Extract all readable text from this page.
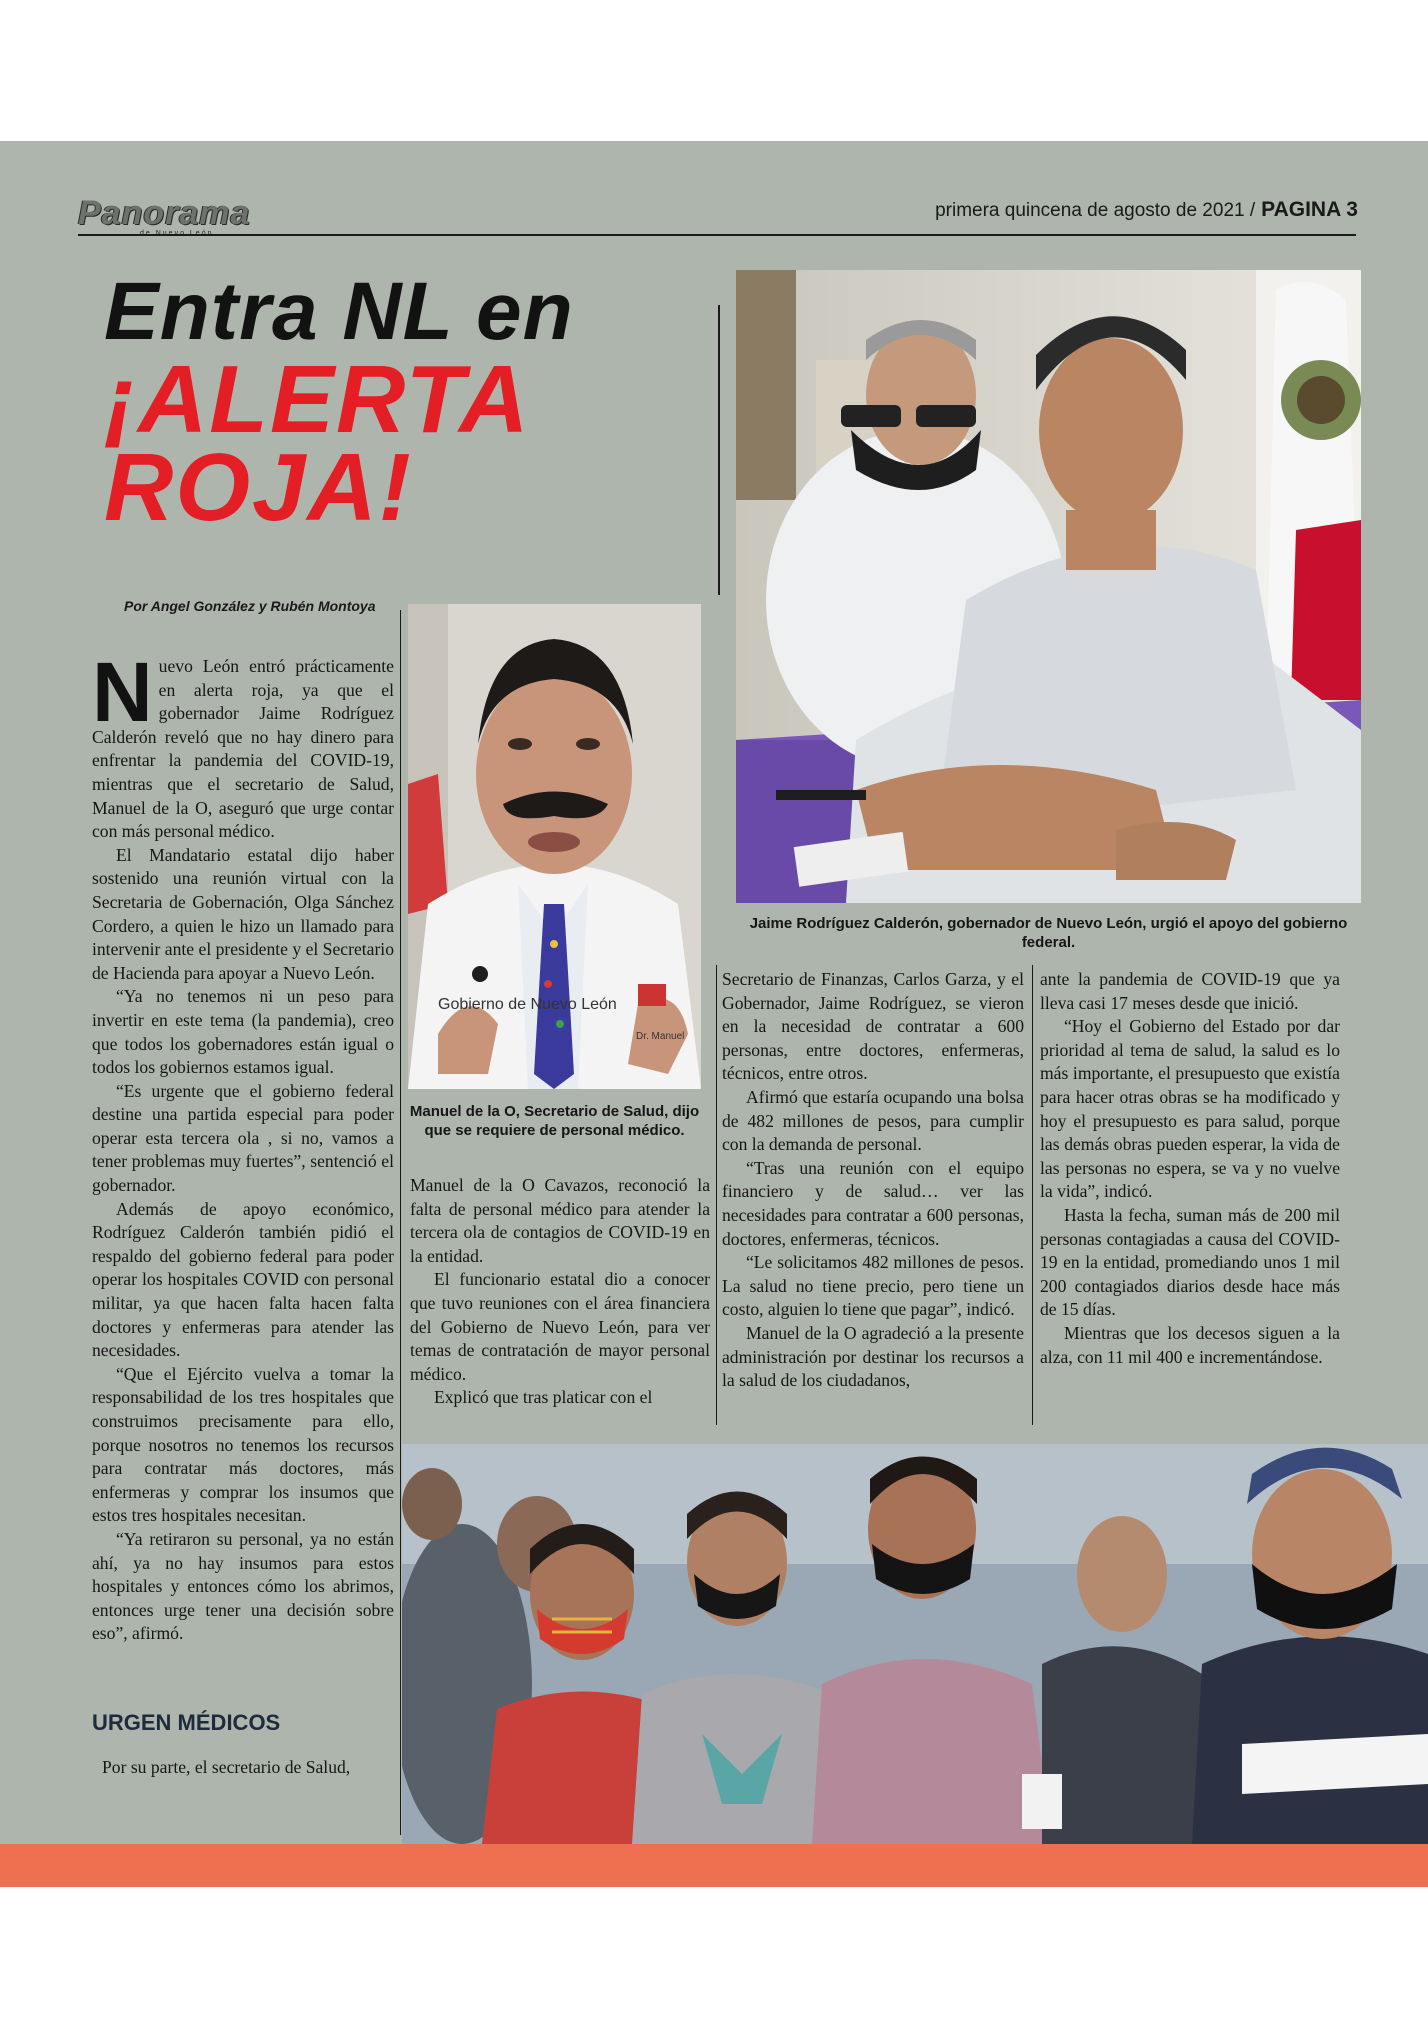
Panorama	primera quincena de agosto de 2021 / PAGINA 3
Entra NL en
¡ALERTA
ROJA!
Por Angel González y Rubén Montoya

Jaime Rodríguez Calderón, gobernador de Nuevo León, urgió el apoyo del gobierno federal.

Gobierno de Nuevo León
Dr. Manuel

Manuel de la O, Secretario de Salud, dijo que se requiere de personal médico.

Nuevo León entró prácticamente en alerta roja, ya que el gobernador Jaime Rodríguez Calderón reveló que no hay dinero para enfrentar la pandemia del COVID-19, mientras que el secretario de Salud, Manuel de la O, aseguró que urge contar con más personal médico.

El Mandatario estatal dijo haber sostenido una reunión virtual con la Secretaria de Gobernación, Olga Sánchez Cordero, a quien le hizo un llamado para intervenir ante el presidente y el Secretario de Hacienda para apoyar a Nuevo León.

“Ya no tenemos ni un peso para invertir en este tema (la pandemia), creo que todos los gobernadores están igual o todos los gobiernos estamos igual.

“Es urgente que el gobierno federal destine una partida especial para poder operar esta tercera ola , si no, vamos a tener problemas muy fuertes”, sentenció el gobernador.

Además de apoyo económico, Rodríguez Calderón también pidió el respaldo del gobierno federal para poder operar los hospitales COVID con personal militar, ya que hacen falta hacen falta doctores y enfermeras para atender las necesidades.

“Que el Ejército vuelva a tomar la responsabilidad de los tres hospitales que construimos precisamente para ello, porque nosotros no tenemos los recursos para contratar más doctores, más enfermeras y comprar los insumos que estos tres hospitales necesitan.

“Ya retiraron su personal, ya no están ahí, ya no hay insumos para estos hospitales y entonces cómo los abrimos, entonces urge tener una decisión sobre eso”, afirmó.

URGEN MÉDICOS

Por su parte, el secretario de Salud,

Manuel de la O Cavazos, reconoció la falta de personal médico para atender la tercera ola de contagios de COVID-19 en la entidad.

El funcionario estatal dio a conocer que tuvo reuniones con el área financiera del Gobierno de Nuevo León, para ver temas de contratación de mayor personal médico.

Explicó que tras platicar con el

Secretario de Finanzas, Carlos Garza, y el Gobernador, Jaime Rodríguez, se vieron en la necesidad de contratar a 600 personas, entre doctores, enfermeras, técnicos, entre otros.

Afirmó que estaría ocupando una bolsa de 482 millones de pesos, para cumplir con la demanda de personal.

“Tras una reunión con el equipo financiero y de salud… ver las necesidades para contratar a 600 personas, doctores, enfermeras, técnicos.

“Le solicitamos 482 millones de pesos. La salud no tiene precio, pero tiene un costo, alguien lo tiene que pagar”, indicó.

Manuel de la O agradeció a la presente administración por destinar los recursos a la salud de los ciudadanos,

ante la pandemia de COVID-19 que ya lleva casi 17 meses desde que inició.

“Hoy el Gobierno del Estado por dar prioridad al tema de salud, la salud es lo más importante, el presupuesto que existía para hacer otras obras se ha modificado y hoy el presupuesto es para salud, porque las demás obras pueden esperar, la vida de las personas no espera, se va y no vuelve la vida”, indicó.

Hasta la fecha, suman más de 200 mil personas contagiadas a causa del COVID-19 en la entidad, promediando unos 1 mil 200 contagiados diarios desde hace más de 15 días.

Mientras que los decesos siguen a la alza, con 11 mil 400 e incrementándose.
